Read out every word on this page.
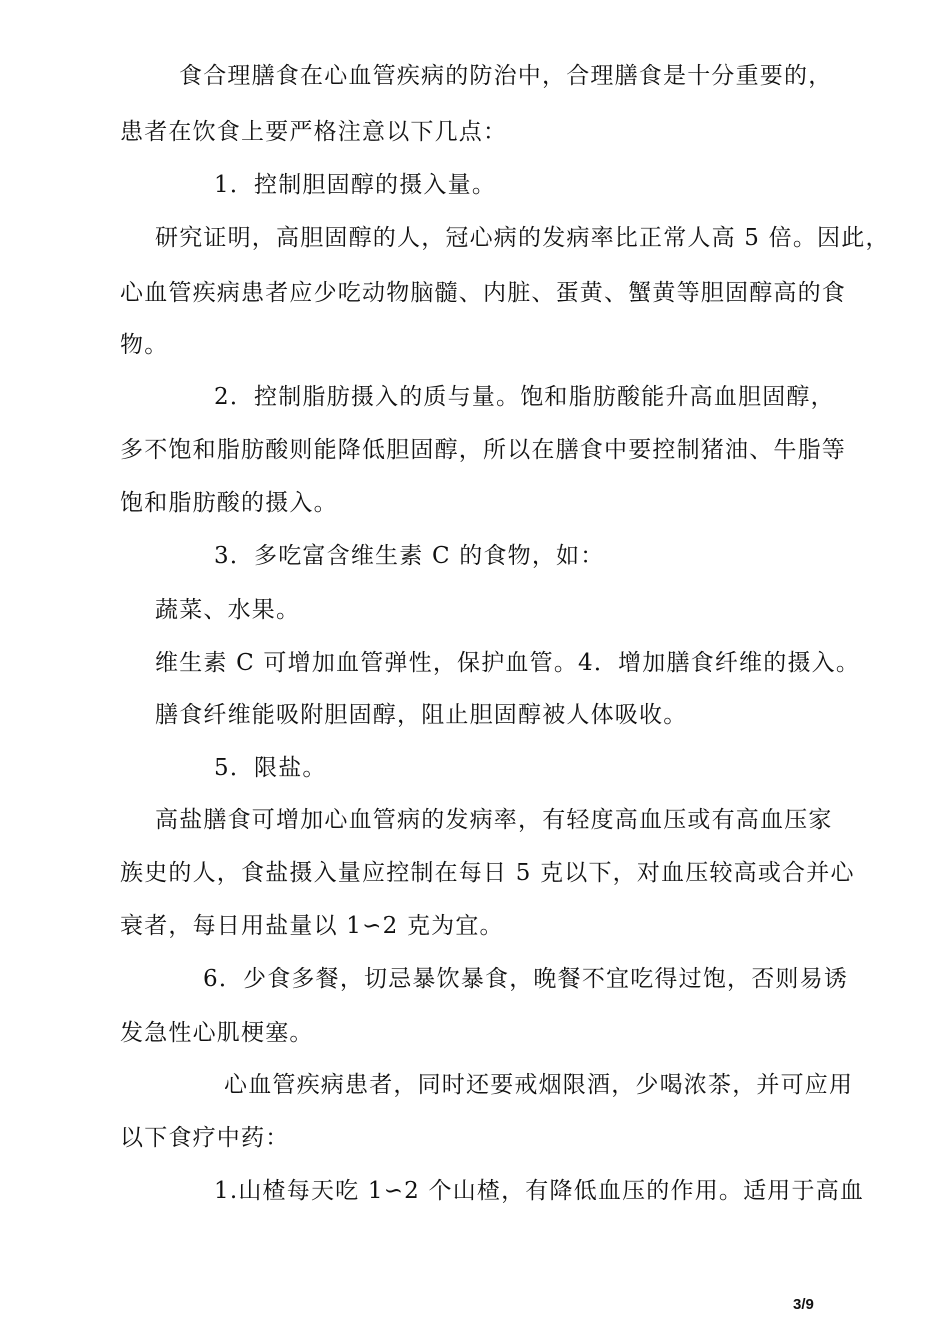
食合理膳食在心血管疾病的防治中，合理膳食是十分重要的，
患者在饮食上要严格注意以下几点：
1．控制胆固醇的摄入量。
研究证明，高胆固醇的人，冠心病的发病率比正常人高 5 倍。因此，
心血管疾病患者应少吃动物脑髓、内脏、蛋黄、蟹黄等胆固醇高的食
物。
2．控制脂肪摄入的质与量。饱和脂肪酸能升高血胆固醇，
多不饱和脂肪酸则能降低胆固醇，所以在膳食中要控制猪油、牛脂等
饱和脂肪酸的摄入。
3．多吃富含维生素 C 的食物，如：
蔬菜、水果。
维生素 C 可增加血管弹性，保护血管。4．增加膳食纤维的摄入。
膳食纤维能吸附胆固醇，阻止胆固醇被人体吸收。
5．限盐。
高盐膳食可增加心血管病的发病率，有轻度高血压或有高血压家
族史的人，食盐摄入量应控制在每日 5 克以下，对血压较高或合并心
衰者，每日用盐量以 1∽2 克为宜。
6．少食多餐，切忌暴饮暴食，晚餐不宜吃得过饱，否则易诱
发急性心肌梗塞。
心血管疾病患者，同时还要戒烟限酒，少喝浓茶，并可应用
以下食疗中药：
1.山楂每天吃 1∽2 个山楂，有降低血压的作用。适用于高血
3/9
